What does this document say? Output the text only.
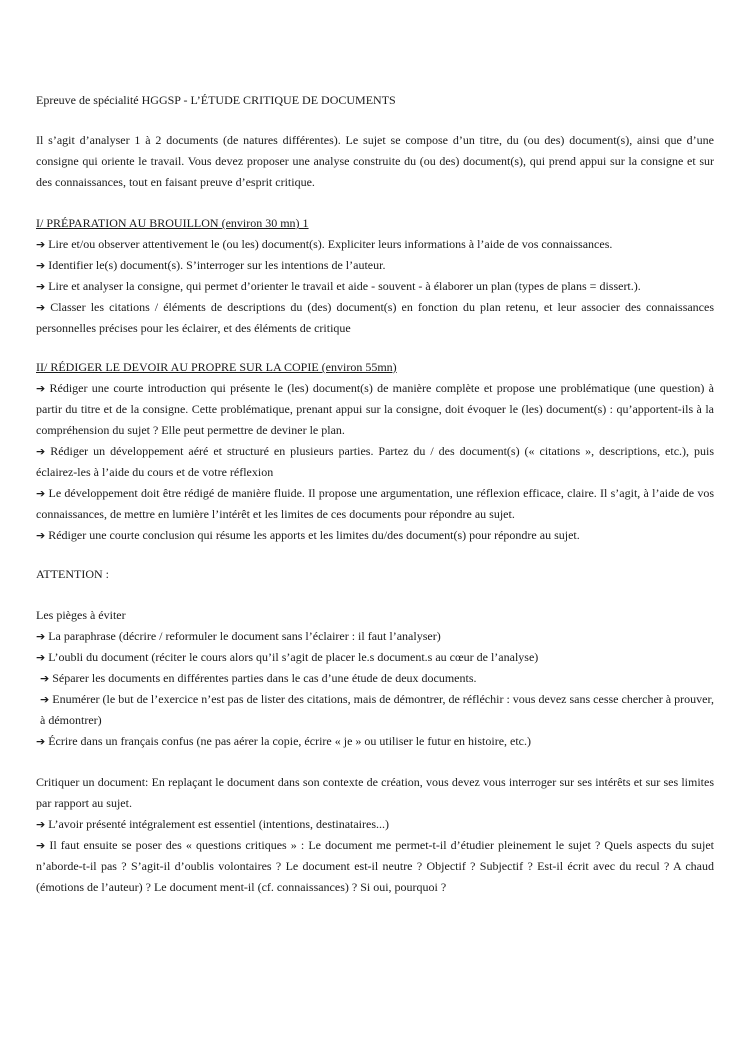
Epreuve de spécialité HGGSP - L’ÉTUDE CRITIQUE DE DOCUMENTS

Il s’agit d’analyser 1 à 2 documents (de natures différentes). Le sujet se compose d’un titre, du (ou des) document(s), ainsi que d’une consigne qui oriente le travail. Vous devez proposer une analyse construite du (ou des) document(s), qui prend appui sur la consigne et sur des connaissances, tout en faisant preuve d’esprit critique.

I/ PRÉPARATION AU BROUILLON (environ 30 mn) 1

➔ Lire et/ou observer attentivement le (ou les) document(s). Expliciter leurs informations à l’aide de vos connaissances.

➔ Identifier le(s) document(s). S’interroger sur les intentions de l’auteur.

➔ Lire et analyser la consigne, qui permet d’orienter le travail et aide - souvent - à élaborer un plan (types de plans = dissert.).

➔ Classer les citations / éléments de descriptions du (des) document(s) en fonction du plan retenu, et leur associer des connaissances personnelles précises pour les éclairer, et des éléments de critique

II/ RÉDIGER LE DEVOIR AU PROPRE SUR LA COPIE (environ 55mn)

➔ Rédiger une courte introduction qui présente le (les) document(s) de manière complète et propose une problématique (une question) à partir du titre et de la consigne. Cette problématique, prenant appui sur la consigne, doit évoquer le (les) document(s) : qu’apportent-ils à la compréhension du sujet ? Elle peut permettre de deviner le plan.

➔ Rédiger un développement aéré et structuré en plusieurs parties. Partez du / des document(s) (« citations », descriptions, etc.), puis éclairez-les à l’aide du cours et de votre réflexion

➔ Le développement doit être rédigé de manière fluide. Il propose une argumentation, une réflexion efficace, claire. Il s’agit, à l’aide de vos connaissances, de mettre en lumière l’intérêt et les limites de ces documents pour répondre au sujet.

➔ Rédiger une courte conclusion qui résume les apports et les limites du/des document(s) pour répondre au sujet.

ATTENTION :

Les pièges à éviter

➔ La paraphrase (décrire / reformuler le document sans l’éclairer : il faut l’analyser)

➔ L’oubli du document (réciter le cours alors qu’il s’agit de placer le.s document.s au cœur de l’analyse)

➔ Séparer les documents en différentes parties dans le cas d’une étude de deux documents.

➔ Enumérer (le but de l’exercice n’est pas de lister des citations, mais de démontrer, de réfléchir : vous devez sans cesse chercher à prouver, à démontrer)

➔ Écrire dans un français confus (ne pas aérer la copie, écrire « je » ou utiliser le futur en histoire, etc.)

Critiquer un document: En replaçant le document dans son contexte de création, vous devez vous interroger sur ses intérêts et sur ses limites par rapport au sujet.

➔ L’avoir présenté intégralement est essentiel (intentions, destinataires...)

➔ Il faut ensuite se poser des « questions critiques » : Le document me permet-t-il d’étudier pleinement le sujet ? Quels aspects du sujet n’aborde-t-il pas ? S’agit-il d’oublis volontaires ? Le document est-il neutre ? Objectif ? Subjectif ? Est-il écrit avec du recul ? A chaud (émotions de l’auteur) ? Le document ment-il (cf. connaissances) ? Si oui, pourquoi ?
